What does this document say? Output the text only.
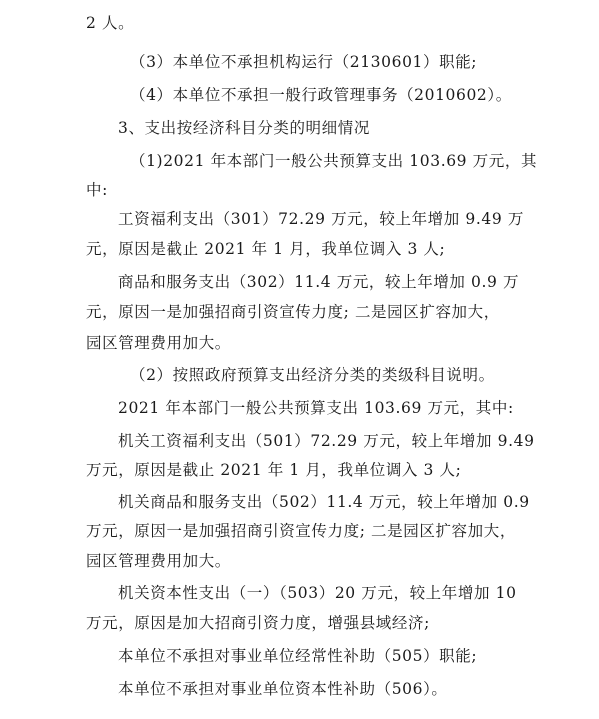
2 人。
（3）本单位不承担机构运行（2130601）职能;
（4）本单位不承担一般行政管理事务（2010602）。
3、支出按经济科目分类的明细情况
（1)2021 年本部门一般公共预算支出 103.69 万元，其
中:
工资福利支出（301）72.29 万元，较上年增加 9.49 万
元，原因是截止 2021 年 1 月，我单位调入 3 人;
商品和服务支出（302）11.4 万元，较上年增加 0.9 万
元，原因一是加强招商引资宣传力度; 二是园区扩容加大，
园区管理费用加大。
（2）按照政府预算支出经济分类的类级科目说明。
2021 年本部门一般公共预算支出 103.69 万元，其中:
机关工资福利支出（501）72.29 万元，较上年增加 9.49
万元，原因是截止 2021 年 1 月，我单位调入 3 人;
机关商品和服务支出（502）11.4 万元，较上年增加 0.9
万元，原因一是加强招商引资宣传力度; 二是园区扩容加大，
园区管理费用加大。
机关资本性支出（一）（503）20 万元，较上年增加 10
万元，原因是加大招商引资力度，增强县域经济;
本单位不承担对事业单位经常性补助（505）职能;
本单位不承担对事业单位资本性补助（506）。
